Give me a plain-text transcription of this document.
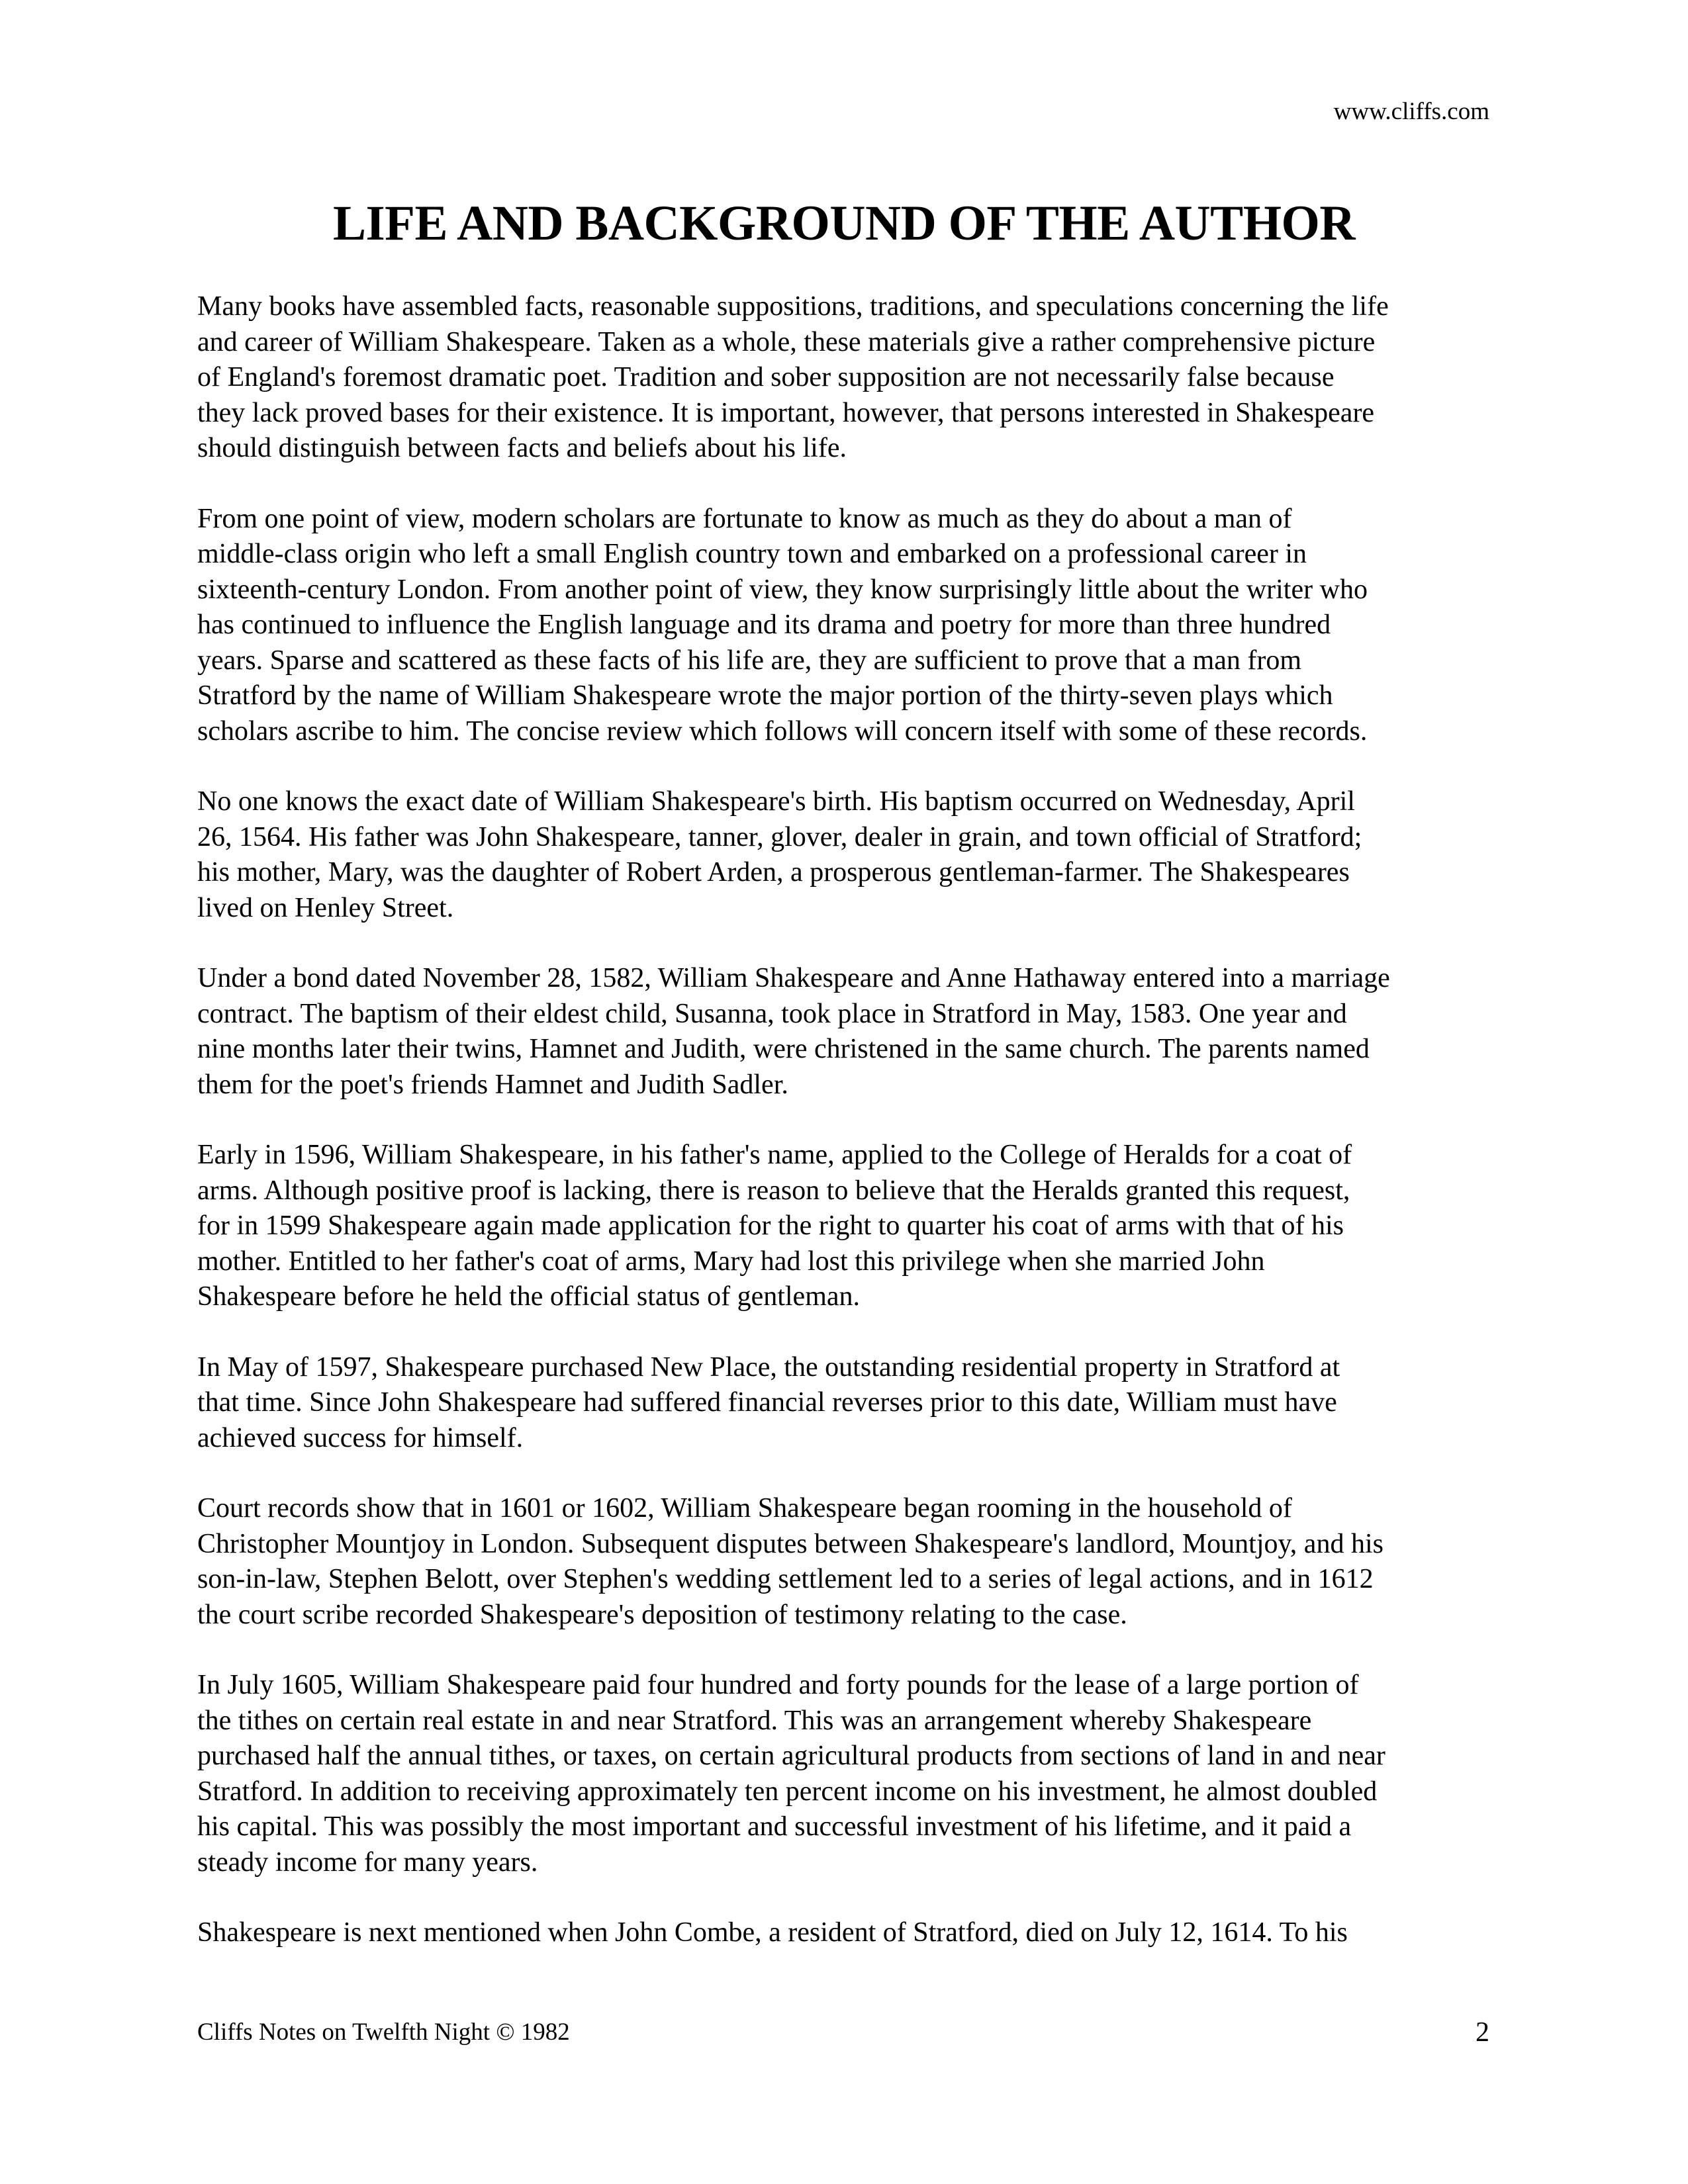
www.cliffs.com
LIFE AND BACKGROUND OF THE AUTHOR

Many books have assembled facts, reasonable suppositions, traditions, and speculations concerning the life
and career of William Shakespeare. Taken as a whole, these materials give a rather comprehensive picture
of England's foremost dramatic poet. Tradition and sober supposition are not necessarily false because
they lack proved bases for their existence. It is important, however, that persons interested in Shakespeare
should distinguish between facts and beliefs about his life.

From one point of view, modern scholars are fortunate to know as much as they do about a man of
middle-class origin who left a small English country town and embarked on a professional career in
sixteenth-century London. From another point of view, they know surprisingly little about the writer who
has continued to influence the English language and its drama and poetry for more than three hundred
years. Sparse and scattered as these facts of his life are, they are sufficient to prove that a man from
Stratford by the name of William Shakespeare wrote the major portion of the thirty-seven plays which
scholars ascribe to him. The concise review which follows will concern itself with some of these records.

No one knows the exact date of William Shakespeare's birth. His baptism occurred on Wednesday, April
26, 1564. His father was John Shakespeare, tanner, glover, dealer in grain, and town official of Stratford;
his mother, Mary, was the daughter of Robert Arden, a prosperous gentleman-farmer. The Shakespeares
lived on Henley Street.

Under a bond dated November 28, 1582, William Shakespeare and Anne Hathaway entered into a marriage
contract. The baptism of their eldest child, Susanna, took place in Stratford in May, 1583. One year and
nine months later their twins, Hamnet and Judith, were christened in the same church. The parents named
them for the poet's friends Hamnet and Judith Sadler.

Early in 1596, William Shakespeare, in his father's name, applied to the College of Heralds for a coat of
arms. Although positive proof is lacking, there is reason to believe that the Heralds granted this request,
for in 1599 Shakespeare again made application for the right to quarter his coat of arms with that of his
mother. Entitled to her father's coat of arms, Mary had lost this privilege when she married John
Shakespeare before he held the official status of gentleman.

In May of 1597, Shakespeare purchased New Place, the outstanding residential property in Stratford at
that time. Since John Shakespeare had suffered financial reverses prior to this date, William must have
achieved success for himself.

Court records show that in 1601 or 1602, William Shakespeare began rooming in the household of
Christopher Mountjoy in London. Subsequent disputes between Shakespeare's landlord, Mountjoy, and his
son-in-law, Stephen Belott, over Stephen's wedding settlement led to a series of legal actions, and in 1612
the court scribe recorded Shakespeare's deposition of testimony relating to the case.

In July 1605, William Shakespeare paid four hundred and forty pounds for the lease of a large portion of
the tithes on certain real estate in and near Stratford. This was an arrangement whereby Shakespeare
purchased half the annual tithes, or taxes, on certain agricultural products from sections of land in and near
Stratford. In addition to receiving approximately ten percent income on his investment, he almost doubled
his capital. This was possibly the most important and successful investment of his lifetime, and it paid a
steady income for many years.

Shakespeare is next mentioned when John Combe, a resident of Stratford, died on July 12, 1614. To his

Cliffs Notes on Twelfth Night © 1982	2
